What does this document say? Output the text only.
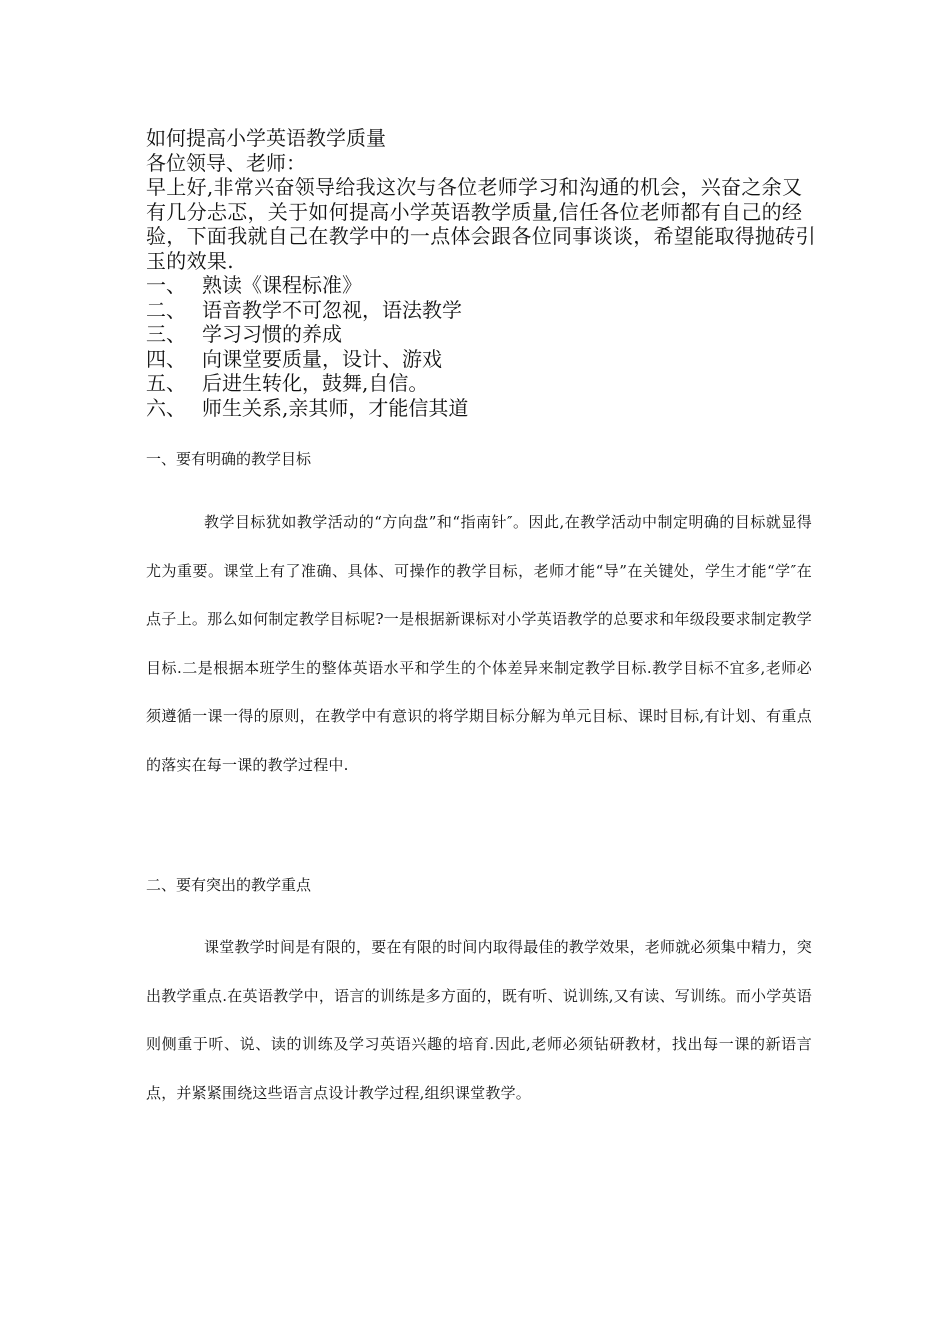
如何提高小学英语教学质量
各位领导、老师：
早上好,非常兴奋领导给我这次与各位老师学习和沟通的机会，兴奋之余又有几分忐忑，关于如何提高小学英语教学质量,信任各位老师都有自己的经验，下面我就自己在教学中的一点体会跟各位同事谈谈，希望能取得抛砖引玉的效果.
一、 熟读《课程标准》
二、 语音教学不可忽视，语法教学
三、 学习习惯的养成
四、 向课堂要质量，设计、游戏
五、 后进生转化，鼓舞,自信。
六、 师生关系,亲其师，才能信其道
一、要有明确的教学目标
教学目标犹如教学活动的“方向盘”和“指南针″。因此,在教学活动中制定明确的目标就显得尤为重要。课堂上有了准确、具体、可操作的教学目标，老师才能“导”在关键处，学生才能“学″在点子上。那么如何制定教学目标呢?一是根据新课标对小学英语教学的总要求和年级段要求制定教学目标.二是根据本班学生的整体英语水平和学生的个体差异来制定教学目标.教学目标不宜多,老师必须遵循一课一得的原则，在教学中有意识的将学期目标分解为单元目标、课时目标,有计划、有重点的落实在每一课的教学过程中.
二、要有突出的教学重点
课堂教学时间是有限的，要在有限的时间内取得最佳的教学效果，老师就必须集中精力，突出教学重点.在英语教学中，语言的训练是多方面的，既有听、说训练,又有读、写训练。而小学英语则侧重于听、说、读的训练及学习英语兴趣的培育.因此,老师必须钻研教材，找出每一课的新语言点，并紧紧围绕这些语言点设计教学过程,组织课堂教学。
